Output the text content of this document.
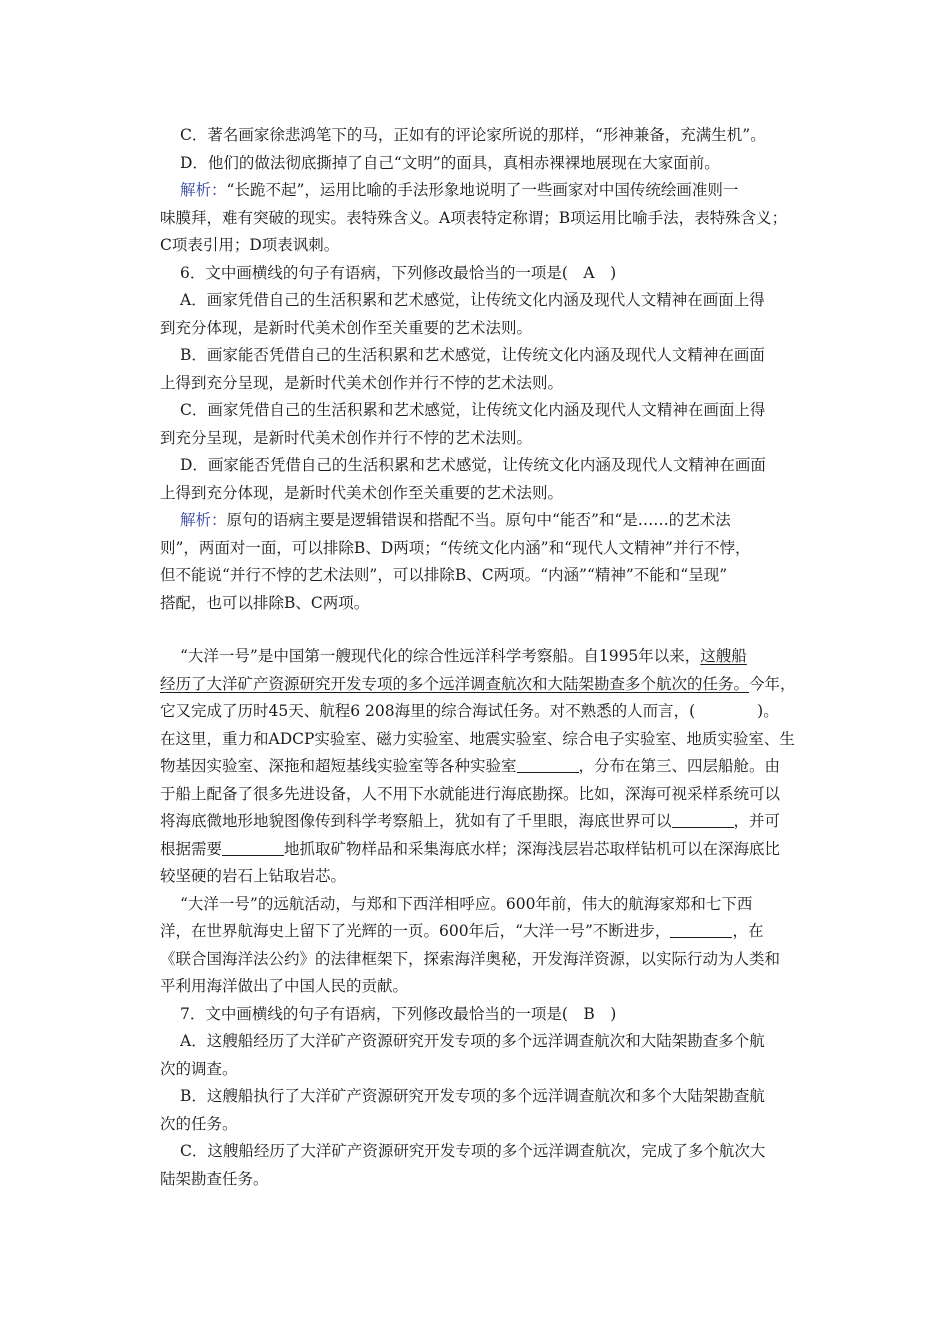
C．著名画家徐悲鸿笔下的马，正如有的评论家所说的那样，“形神兼备，充满生机”。
D．他们的做法彻底撕掉了自己“文明”的面具，真相赤裸裸地展现在大家面前。
解析：“长跪不起”，运用比喻的手法形象地说明了一些画家对中国传统绘画准则一
味膜拜，难有突破的现实。表特殊含义。A项表特定称谓；B项运用比喻手法，表特殊含义；
C项表引用；D项表讽刺。
6．文中画横线的句子有语病，下列修改最恰当的一项是(　A　)
A．画家凭借自己的生活积累和艺术感觉，让传统文化内涵及现代人文精神在画面上得
到充分体现，是新时代美术创作至关重要的艺术法则。
B．画家能否凭借自己的生活积累和艺术感觉，让传统文化内涵及现代人文精神在画面
上得到充分呈现，是新时代美术创作并行不悖的艺术法则。
C．画家凭借自己的生活积累和艺术感觉，让传统文化内涵及现代人文精神在画面上得
到充分呈现，是新时代美术创作并行不悖的艺术法则。
D．画家能否凭借自己的生活积累和艺术感觉，让传统文化内涵及现代人文精神在画面
上得到充分体现，是新时代美术创作至关重要的艺术法则。
解析：原句的语病主要是逻辑错误和搭配不当。原句中“能否”和“是……的艺术法
则”，两面对一面，可以排除B、D两项；“传统文化内涵”和“现代人文精神”并行不悖，
但不能说“并行不悖的艺术法则”，可以排除B、C两项。“内涵”“精神”不能和“呈现”
搭配，也可以排除B、C两项。
“大洋一号”是中国第一艘现代化的综合性远洋科学考察船。自1995年以来，这艘船
经历了大洋矿产资源研究开发专项的多个远洋调查航次和大陆架勘查多个航次的任务。今年，
它又完成了历时45天、航程6 208海里的综合海试任务。对不熟悉的人而言，(	)。
在这里，重力和ADCP实验室、磁力实验室、地震实验室、综合电子实验室、地质实验室、生
物基因实验室、深拖和超短基线实验室等各种实验室	，分布在第三、四层船舱。由
于船上配备了很多先进设备，人不用下水就能进行海底勘探。比如，深海可视采样系统可以
将海底微地形地貌图像传到科学考察船上，犹如有了千里眼，海底世界可以	，并可
根据需要	地抓取矿物样品和采集海底水样；深海浅层岩芯取样钻机可以在深海底比
较坚硬的岩石上钻取岩芯。
“大洋一号”的远航活动，与郑和下西洋相呼应。600年前，伟大的航海家郑和七下西
洋，在世界航海史上留下了光辉的一页。600年后，“大洋一号”不断进步，	，在
《联合国海洋法公约》的法律框架下，探索海洋奥秘，开发海洋资源，以实际行动为人类和
平利用海洋做出了中国人民的贡献。
7．文中画横线的句子有语病，下列修改最恰当的一项是(　B　)
A．这艘船经历了大洋矿产资源研究开发专项的多个远洋调查航次和大陆架勘查多个航
次的调查。
B．这艘船执行了大洋矿产资源研究开发专项的多个远洋调查航次和多个大陆架勘查航
次的任务。
C．这艘船经历了大洋矿产资源研究开发专项的多个远洋调查航次，完成了多个航次大
陆架勘查任务。
